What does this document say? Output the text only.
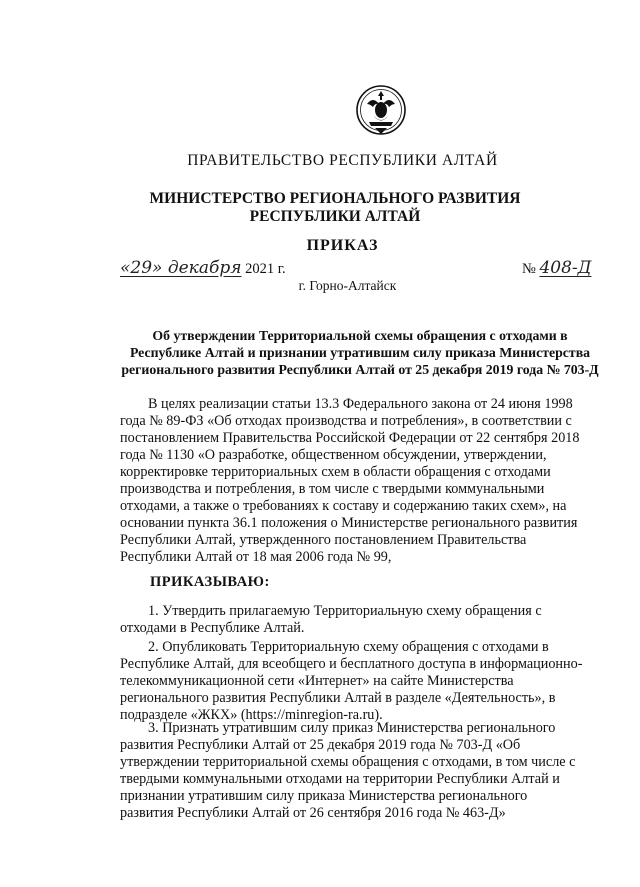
ПРАВИТЕЛЬСТВО РЕСПУБЛИКИ АЛТАЙ
МИНИСТЕРСТВО РЕГИОНАЛЬНОГО РАЗВИТИЯ
РЕСПУБЛИКИ АЛТАЙ
ПРИКАЗ
«29» декабря 2021 г.	№ 408-Д
г. Горно-Алтайск
Об утверждении Территориальной схемы обращения с отходами в
Республике Алтай и признании утратившим силу приказа Министерства
регионального развития Республики Алтай от 25 декабря 2019 года № 703-Д
В целях реализации статьи 13.3 Федерального закона от 24 июня 1998
года № 89-ФЗ «Об отходах производства и потребления», в соответствии с
постановлением Правительства Российской Федерации от 22 сентября 2018
года № 1130 «О разработке, общественном обсуждении, утверждении,
корректировке территориальных схем в области обращения с отходами
производства и потребления, в том числе с твердыми коммунальными
отходами, а также о требованиях к составу и содержанию таких схем», на
основании пункта 36.1 положения о Министерстве регионального развития
Республики Алтай, утвержденного постановлением Правительства
Республики Алтай от 18 мая 2006 года № 99,
ПРИКАЗЫВАЮ:
1. Утвердить прилагаемую Территориальную схему обращения с
отходами в Республике Алтай.
2. Опубликовать Территориальную схему обращения с отходами в
Республике Алтай, для всеобщего и бесплатного доступа в информационно-
телекоммуникационной сети «Интернет» на сайте Министерства
регионального развития Республики Алтай в разделе «Деятельность», в
подразделе «ЖКХ» (https://minregion-ra.ru).
3. Признать утратившим силу приказ Министерства регионального
развития Республики Алтай от 25 декабря 2019 года № 703-Д «Об
утверждении территориальной схемы обращения с отходами, в том числе с
твердыми коммунальными отходами на территории Республики Алтай и
признании утратившим силу приказа Министерства регионального
развития Республики Алтай от 26 сентября 2016 года № 463-Д»
